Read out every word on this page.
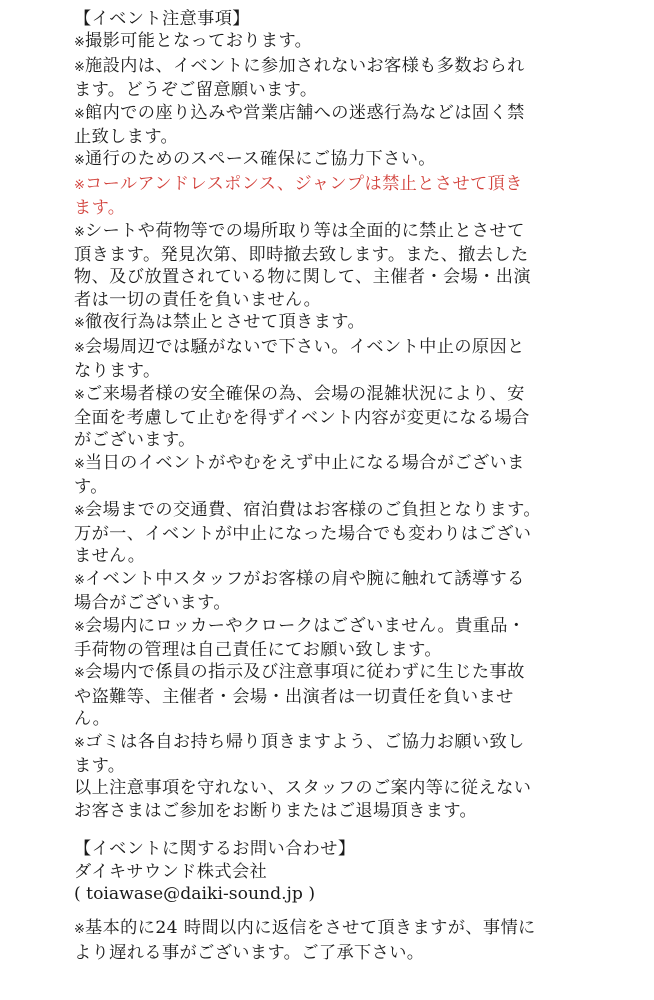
【イベント注意事項】
※撮影可能となっております。
※施設内は、イベントに参加されないお客様も多数おられ
ます。どうぞご留意願います。
※館内での座り込みや営業店舗への迷惑行為などは固く禁
止致します。
※通行のためのスペース確保にご協力下さい。
※コールアンドレスポンス、ジャンプは禁止とさせて頂き
ます。
※シートや荷物等での場所取り等は全面的に禁止とさせて
頂きます。発見次第、即時撤去致します。また、撤去した
物、及び放置されている物に関して、主催者・会場・出演
者は一切の責任を負いません。
※徹夜行為は禁止とさせて頂きます。
※会場周辺では騒がないで下さい。イベント中止の原因と
なります。
※ご来場者様の安全確保の為、会場の混雑状況により、安
全面を考慮して止むを得ずイベント内容が変更になる場合
がございます。
※当日のイベントがやむをえず中止になる場合がございま
す。
※会場までの交通費、宿泊費はお客様のご負担となります。
万が一、イベントが中止になった場合でも変わりはござい
ません。
※イベント中スタッフがお客様の肩や腕に触れて誘導する
場合がございます。
※会場内にロッカーやクロークはございません。貴重品・
手荷物の管理は自己責任にてお願い致します。
※会場内で係員の指示及び注意事項に従わずに生じた事故
や盗難等、主催者・会場・出演者は一切責任を負いませ
ん。
※ゴミは各自お持ち帰り頂きますよう、ご協力お願い致し
ます。
以上注意事項を守れない、スタッフのご案内等に従えない
お客さまはご参加をお断りまたはご退場頂きます。
【イベントに関するお問い合わせ】
ダイキサウンド株式会社
( toiawase@daiki-sound.jp )
※基本的に24 時間以内に返信をさせて頂きますが、事情に
より遅れる事がございます。ご了承下さい。
